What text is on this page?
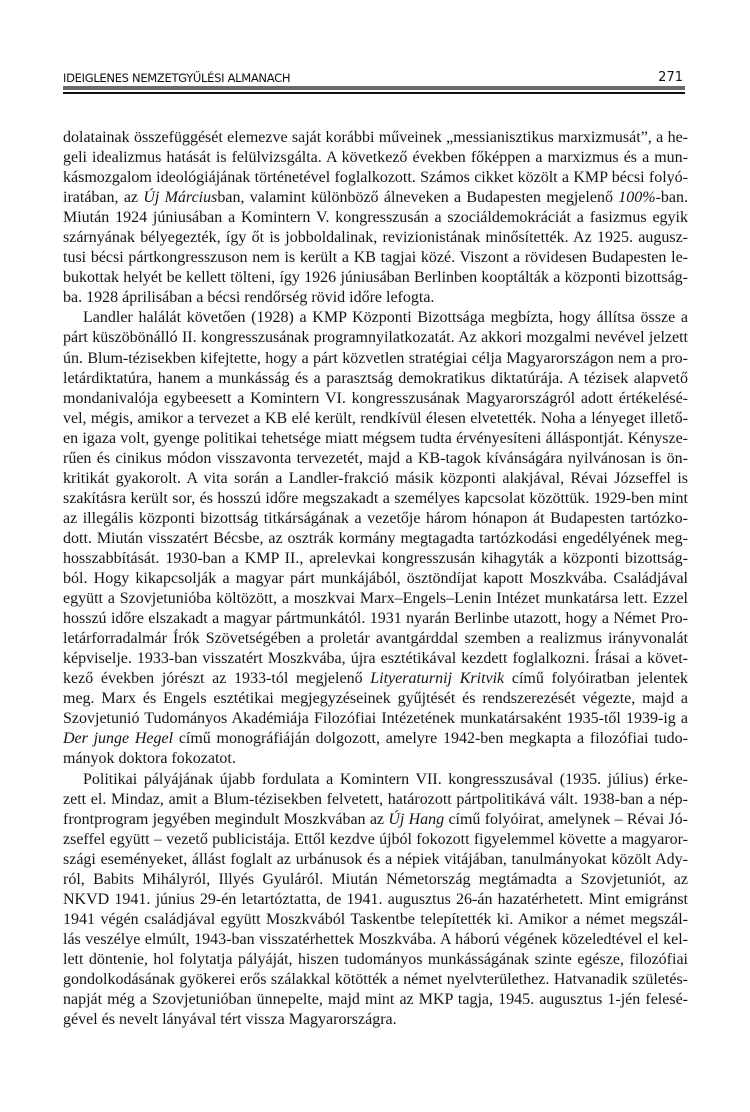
IDEIGLENES NEMZETGYŰLÉSI ALMANACH	271
dolatainak összefüggését elemezve saját korábbi műveinek „messianisztikus marxizmusát”, a he-
geli idealizmus hatását is felülvizsgálta. A következő években főképpen a marxizmus és a mun-
kásmozgalom ideológiájának történetével foglalkozott. Számos cikket közölt a KMP bécsi folyó-
iratában, az Új Márciusban, valamint különböző álneveken a Budapesten megjelenő 100%-ban.
Miután 1924 júniusában a Komintern V. kongresszusán a szociáldemokráciát a fasizmus egyik
szárnyának bélyegezték, így őt is jobboldalinak, revizionistának minősítették. Az 1925. augusz-
tusi bécsi pártkongresszuson nem is került a KB tagjai közé. Viszont a rövidesen Budapesten le-
bukottak helyét be kellett tölteni, így 1926 júniusában Berlinben kooptálták a központi bizottság-
ba. 1928 áprilisában a bécsi rendőrség rövid időre lefogta.
Landler halálát követően (1928) a KMP Központi Bizottsága megbízta, hogy állítsa össze a
párt küszöbönálló II. kongresszusának programnyilatkozatát. Az akkori mozgalmi nevével jelzett
ún. Blum-tézisekben kifejtette, hogy a párt közvetlen stratégiai célja Magyarországon nem a pro-
letárdiktatúra, hanem a munkásság és a parasztság demokratikus diktatúrája. A tézisek alapvető
mondanivalója egybeesett a Komintern VI. kongresszusának Magyarországról adott értékelésé-
vel, mégis, amikor a tervezet a KB elé került, rendkívül élesen elvetették. Noha a lényeget illető-
en igaza volt, gyenge politikai tehetsége miatt mégsem tudta érvényesíteni álláspontját. Kénysze-
rűen és cinikus módon visszavonta tervezetét, majd a KB-tagok kívánságára nyilvánosan is ön-
kritikát gyakorolt. A vita során a Landler-frakció másik központi alakjával, Révai Józseffel is
szakításra került sor, és hosszú időre megszakadt a személyes kapcsolat közöttük. 1929-ben mint
az illegális központi bizottság titkárságának a vezetője három hónapon át Budapesten tartózko-
dott. Miután visszatért Bécsbe, az osztrák kormány megtagadta tartózkodási engedélyének meg-
hosszabbítását. 1930-ban a KMP II., aprelevkai kongresszusán kihagyták a központi bizottság-
ból. Hogy kikapcsolják a magyar párt munkájából, ösztöndíjat kapott Moszkvába. Családjával
együtt a Szovjetunióba költözött, a moszkvai Marx–Engels–Lenin Intézet munkatársa lett. Ezzel
hosszú időre elszakadt a magyar pártmunkától. 1931 nyarán Berlinbe utazott, hogy a Német Pro-
letárforradalmár Írók Szövetségében a proletár avantgárddal szemben a realizmus irányvonalát
képviselje. 1933-ban visszatért Moszkvába, újra esztétikával kezdett foglalkozni. Írásai a követ-
kező években jórészt az 1933-tól megjelenő Lityeraturnij Kritvik című folyóiratban jelentek
meg. Marx és Engels esztétikai megjegyzéseinek gyűjtését és rendszerezését végezte, majd a
Szovjetunió Tudományos Akadémiája Filozófiai Intézetének munkatársaként 1935-től 1939-ig a
Der junge Hegel című monográfiáján dolgozott, amelyre 1942-ben megkapta a filozófiai tudo-
mányok doktora fokozatot.
Politikai pályájának újabb fordulata a Komintern VII. kongresszusával (1935. július) érke-
zett el. Mindaz, amit a Blum-tézisekben felvetett, határozott pártpolitikává vált. 1938-ban a nép-
frontprogram jegyében megindult Moszkvában az Új Hang című folyóirat, amelynek – Révai Jó-
zseffel együtt – vezető publicistája. Ettől kezdve újból fokozott figyelemmel követte a magyaror-
szági eseményeket, állást foglalt az urbánusok és a népiek vitájában, tanulmányokat közölt Ady-
ról, Babits Mihályról, Illyés Gyuláról. Miután Németország megtámadta a Szovjetuniót, az
NKVD 1941. június 29-én letartóztatta, de 1941. augusztus 26-án hazatérhetett. Mint emigránst
1941 végén családjával együtt Moszkvából Taskentbe telepítették ki. Amikor a német megszál-
lás veszélye elmúlt, 1943-ban visszatérhettek Moszkvába. A háború végének közeledtével el kel-
lett döntenie, hol folytatja pályáját, hiszen tudományos munkásságának szinte egésze, filozófiai
gondolkodásának gyökerei erős szálakkal kötötték a német nyelvterülethez. Hatvanadik születés-
napját még a Szovjetunióban ünnepelte, majd mint az MKP tagja, 1945. augusztus 1-jén felesé-
gével és nevelt lányával tért vissza Magyarországra.
